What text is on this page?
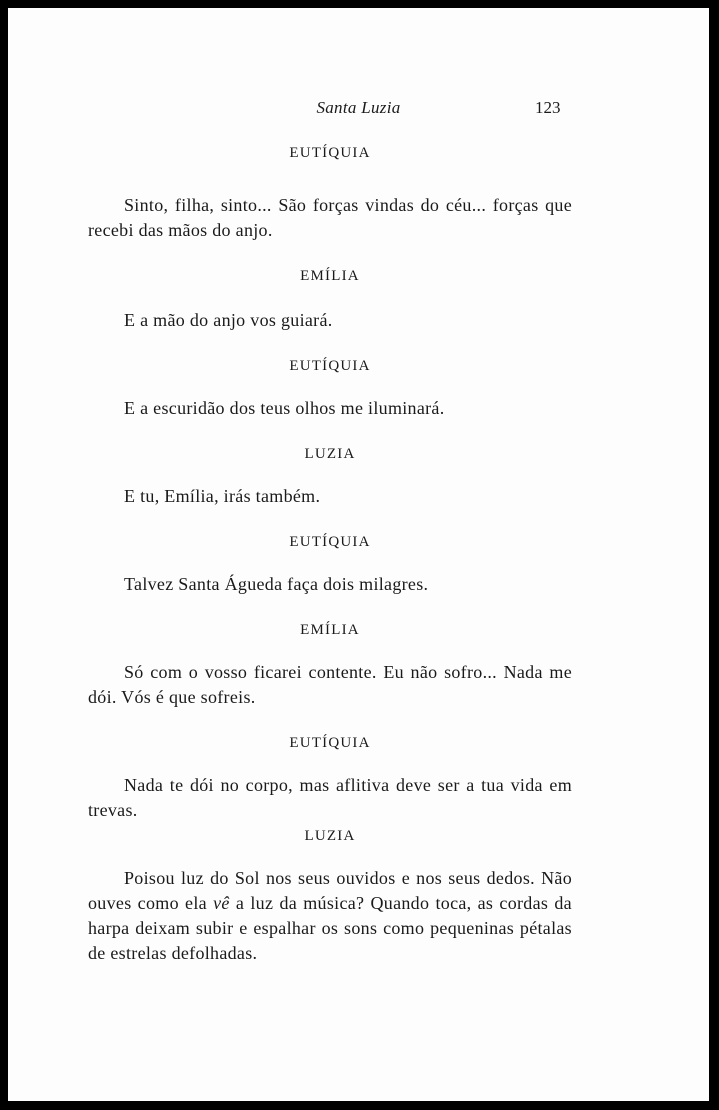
Santa Luzia	123

EUTÍQUIA

Sinto, filha, sinto... São forças vindas do céu... forças que recebi das mãos do anjo.

EMÍLIA

E a mão do anjo vos guiará.

EUTÍQUIA

E a escuridão dos teus olhos me iluminará.

LUZIA

E tu, Emília, irás também.

EUTÍQUIA

Talvez Santa Águeda faça dois milagres.

EMÍLIA

Só com o vosso ficarei contente. Eu não sofro... Nada me dói. Vós é que sofreis.

EUTÍQUIA

Nada te dói no corpo, mas aflitiva deve ser a tua vida em trevas.

LUZIA

Poisou luz do Sol nos seus ouvidos e nos seus dedos. Não ouves como ela vê a luz da música? Quando toca, as cordas da harpa deixam subir e espalhar os sons como pequeninas pétalas de estrelas defolhadas.
